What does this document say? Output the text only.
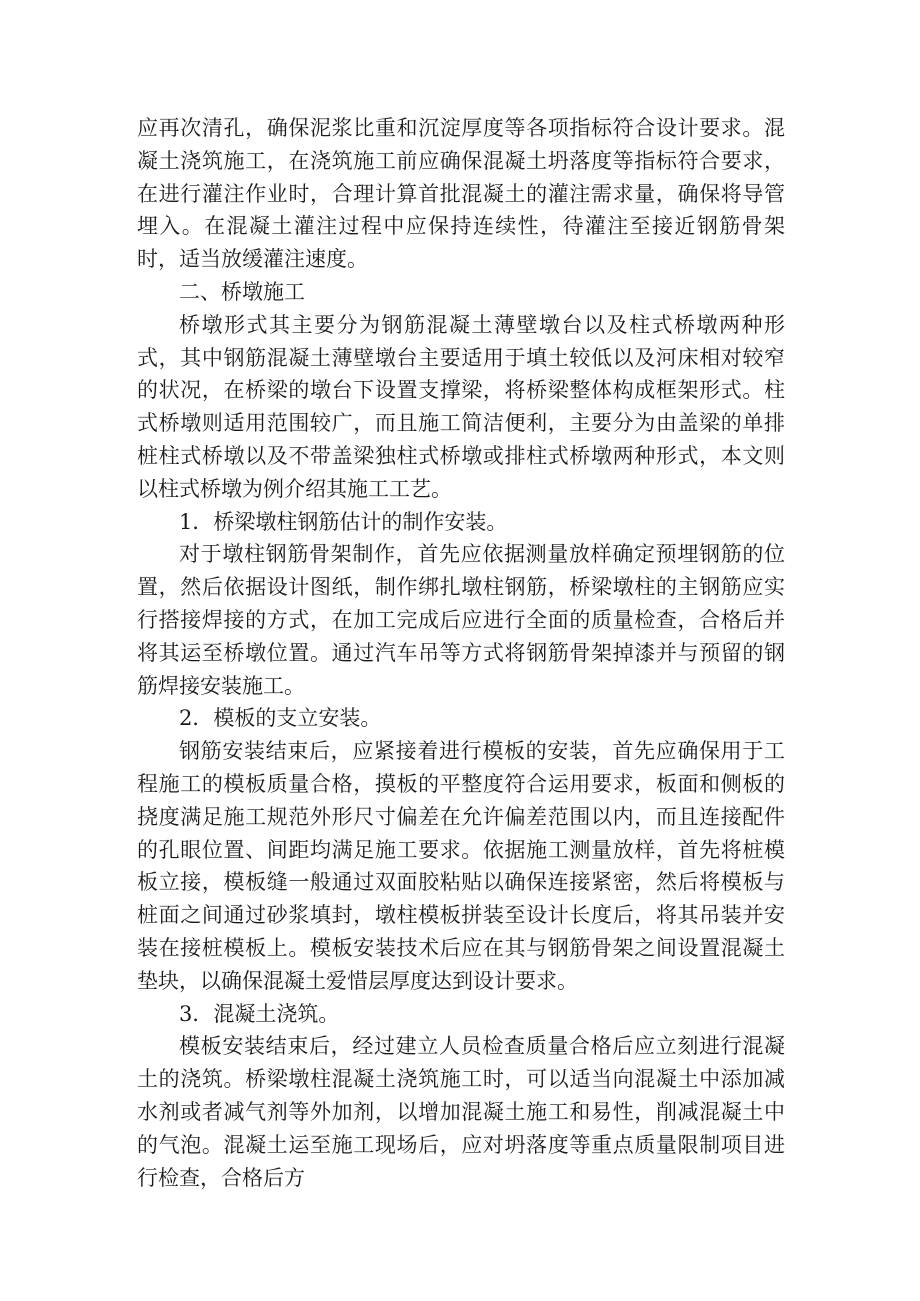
应再次清孔，确保泥浆比重和沉淀厚度等各项指标符合设计要求。混凝土浇筑施工，在浇筑施工前应确保混凝土坍落度等指标符合要求，在进行灌注作业时，合理计算首批混凝土的灌注需求量，确保将导管埋入。在混凝土灌注过程中应保持连续性，待灌注至接近钢筋骨架时，适当放缓灌注速度。

二、桥墩施工

桥墩形式其主要分为钢筋混凝土薄壁墩台以及柱式桥墩两种形式，其中钢筋混凝土薄壁墩台主要适用于填土较低以及河床相对较窄的状况，在桥梁的墩台下设置支撑梁，将桥梁整体构成框架形式。柱式桥墩则适用范围较广，而且施工简洁便利，主要分为由盖梁的单排桩柱式桥墩以及不带盖梁独柱式桥墩或排柱式桥墩两种形式，本文则以柱式桥墩为例介绍其施工工艺。

1．桥梁墩柱钢筋估计的制作安装。

对于墩柱钢筋骨架制作，首先应依据测量放样确定预埋钢筋的位置，然后依据设计图纸，制作绑扎墩柱钢筋，桥梁墩柱的主钢筋应实行搭接焊接的方式，在加工完成后应进行全面的质量检查，合格后并将其运至桥墩位置。通过汽车吊等方式将钢筋骨架掉漆并与预留的钢筋焊接安装施工。

2．模板的支立安装。

钢筋安装结束后，应紧接着进行模板的安装，首先应确保用于工程施工的模板质量合格，摸板的平整度符合运用要求，板面和侧板的挠度满足施工规范外形尺寸偏差在允许偏差范围以内，而且连接配件的孔眼位置、间距均满足施工要求。依据施工测量放样，首先将桩模板立接，模板缝一般通过双面胶粘贴以确保连接紧密，然后将模板与桩面之间通过砂浆填封，墩柱模板拼装至设计长度后，将其吊装并安装在接桩模板上。模板安装技术后应在其与钢筋骨架之间设置混凝土垫块，以确保混凝土爱惜层厚度达到设计要求。

3．混凝土浇筑。

模板安装结束后，经过建立人员检查质量合格后应立刻进行混凝土的浇筑。桥梁墩柱混凝土浇筑施工时，可以适当向混凝土中添加减水剂或者减气剂等外加剂，以增加混凝土施工和易性，削减混凝土中的气泡。混凝土运至施工现场后，应对坍落度等重点质量限制项目进行检查，合格后方
